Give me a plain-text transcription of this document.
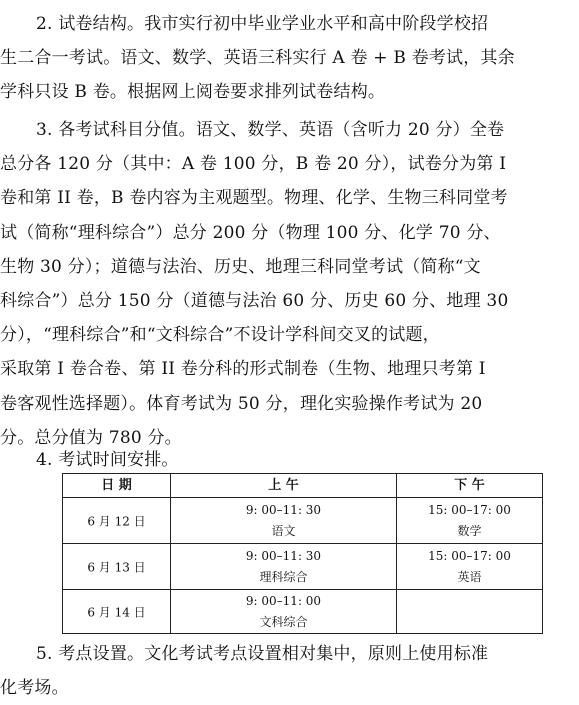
2. 试卷结构。我市实行初中毕业学业水平和高中阶段学校招
生二合一考试。语文、数学、英语三科实行 A 卷 + B 卷考试，其余
学科只设 B 卷。根据网上阅卷要求排列试卷结构。
3. 各考试科目分值。语文、数学、英语（含听力 20 分）全卷
总分各 120 分（其中：A 卷 100 分，B 卷 20 分），试卷分为第 I
卷和第 II 卷，B 卷内容为主观题型。物理、化学、生物三科同堂考
试（简称“理科综合”）总分 200 分（物理 100 分、化学 70 分、
生物 30 分）；道德与法治、历史、地理三科同堂考试（简称“文
科综合”）总分 150 分（道德与法治 60 分、历史 60 分、地理 30
分），“理科综合”和“文科综合”不设计学科间交叉的试题，
采取第 I 卷合卷、第 II 卷分科的形式制卷（生物、地理只考第 I
卷客观性选择题）。体育考试为 50 分，理化实验操作考试为 20
分。总分值为 780 分。
4. 考试时间安排。
日 期	上 午	下 午
6 月 12 日
9: 00–11: 30
语文
15: 00–17: 00
数学
6 月 13 日
9: 00–11: 30
理科综合
15: 00–17: 00
英语
6 月 14 日
9: 00–11: 00
文科综合
5. 考点设置。文化考试考点设置相对集中，原则上使用标准
化考场。
